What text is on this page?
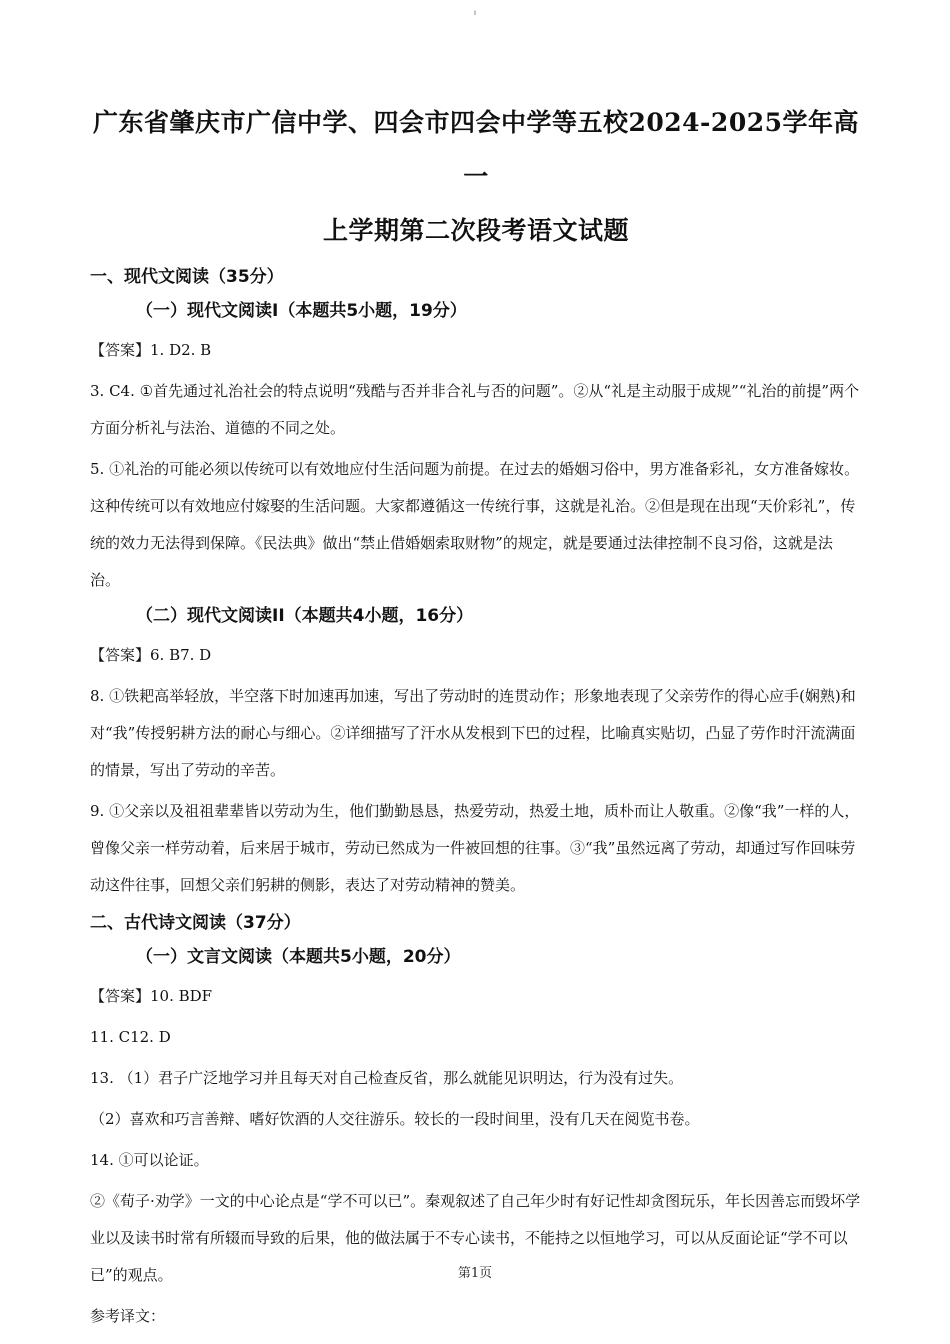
ı
广东省肇庆市广信中学、四会市四会中学等五校2024-2025学年高一
上学期第二次段考语文试题
一、现代文阅读（35分）
（一）现代文阅读Ⅰ（本题共5小题，19分）

【答案】1. D2. B

3. C4. ①首先通过礼治社会的特点说明“残酷与否并非合礼与否的问题”。②从“礼是主动服于成规”“礼治的前提”两个方面分析礼与法治、道德的不同之处。

5. ①礼治的可能必须以传统可以有效地应付生活问题为前提。在过去的婚姻习俗中，男方准备彩礼，女方准备嫁妆。这种传统可以有效地应付嫁娶的生活问题。大家都遵循这一传统行事，这就是礼治。②但是现在出现“天价彩礼”，传统的效力无法得到保障。《民法典》做出“禁止借婚姻索取财物”的规定，就是要通过法律控制不良习俗，这就是法治。

（二）现代文阅读II（本题共4小题，16分）

【答案】6. B7. D

8. ①铁耙高举轻放，半空落下时加速再加速，写出了劳动时的连贯动作；形象地表现了父亲劳作的得心应手(娴熟)和对“我”传授躬耕方法的耐心与细心。②详细描写了汗水从发根到下巴的过程，比喻真实贴切，凸显了劳作时汗流满面的情景，写出了劳动的辛苦。

9. ①父亲以及祖祖辈辈皆以劳动为生，他们勤勤恳恳，热爱劳动，热爱土地，质朴而让人敬重。②像“我”一样的人，曾像父亲一样劳动着，后来居于城市，劳动已然成为一件被回想的往事。③“我”虽然远离了劳动，却通过写作回味劳动这件往事，回想父亲们躬耕的侧影，表达了对劳动精神的赞美。

二、古代诗文阅读（37分）
（一）文言文阅读（本题共5小题，20分）

【答案】10. BDF

11. C12. D

13. （1）君子广泛地学习并且每天对自己检查反省，那么就能见识明达，行为没有过失。

（2）喜欢和巧言善辩、嗜好饮酒的人交往游乐。较长的一段时间里，没有几天在阅览书卷。

14. ①可以论证。

②《荀子·劝学》一文的中心论点是“学不可以已”。秦观叙述了自己年少时有好记性却贪图玩乐，年长因善忘而毁坏学业以及读书时常有所辍而导致的后果，他的做法属于不专心读书，不能持之以恒地学习，可以从反面论证“学不可以已”的观点。

参考译文：

第1页
